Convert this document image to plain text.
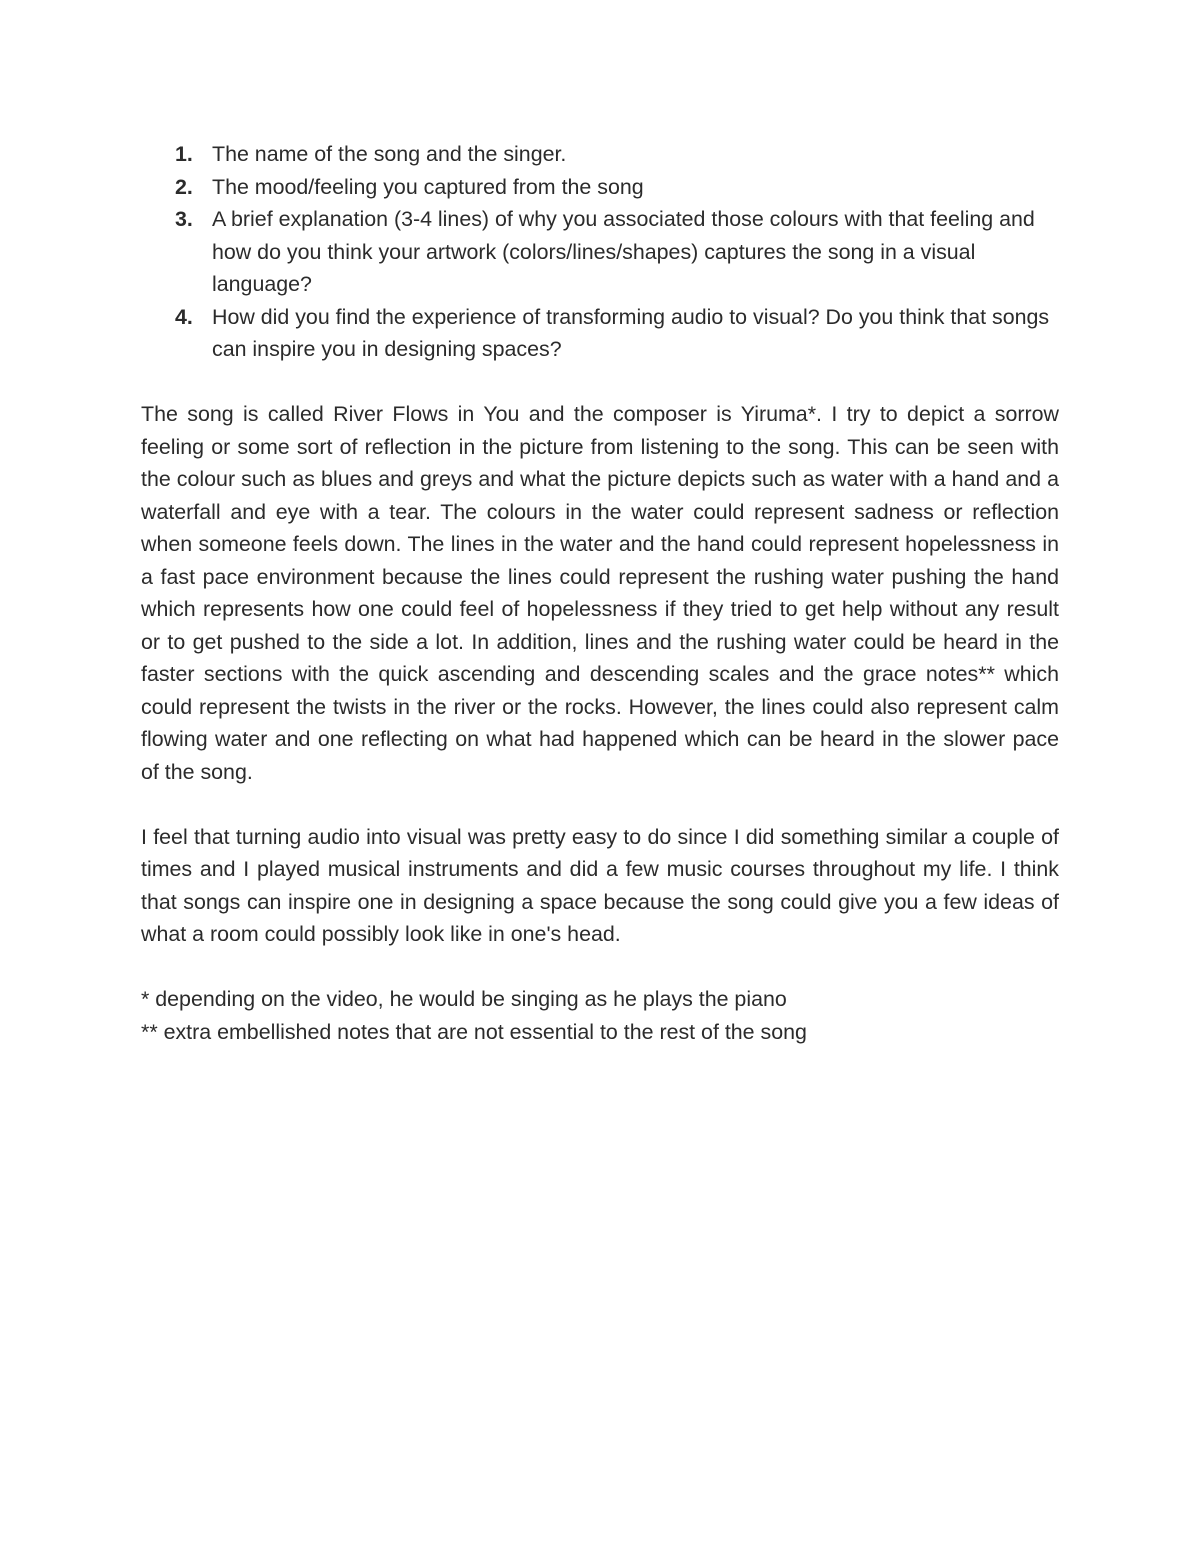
1. The name of the song and the singer.
2. The mood/feeling you captured from the song
3. A brief explanation (3-4 lines) of why you associated those colours with that feeling and how do you think your artwork (colors/lines/shapes) captures the song in a visual language?
4. How did you find the experience of transforming audio to visual? Do you think that songs can inspire you in designing spaces?

The song is called River Flows in You and the composer is Yiruma*. I try to depict a sorrow feeling or some sort of reflection in the picture from listening to the song. This can be seen with the colour such as blues and greys and what the picture depicts such as water with a hand and a waterfall and eye with a tear. The colours in the water could represent sadness or reflection when someone feels down. The lines in the water and the hand could represent hopelessness in a fast pace environment because the lines could represent the rushing water pushing the hand which represents how one could feel of hopelessness if they tried to get help without any result or to get pushed to the side a lot. In addition, lines and the rushing water could be heard in the faster sections with the quick ascending and descending scales and the grace notes** which could represent the twists in the river or the rocks. However, the lines could also represent calm flowing water and one reflecting on what had happened which can be heard in the slower pace of the song.

I feel that turning audio into visual was pretty easy to do since I did something similar a couple of times and I played musical instruments and did a few music courses throughout my life. I think that songs can inspire one in designing a space because the song could give you a few ideas of what a room could possibly look like in one's head.

* depending on the video, he would be singing as he plays the piano

** extra embellished notes that are not essential to the rest of the song
